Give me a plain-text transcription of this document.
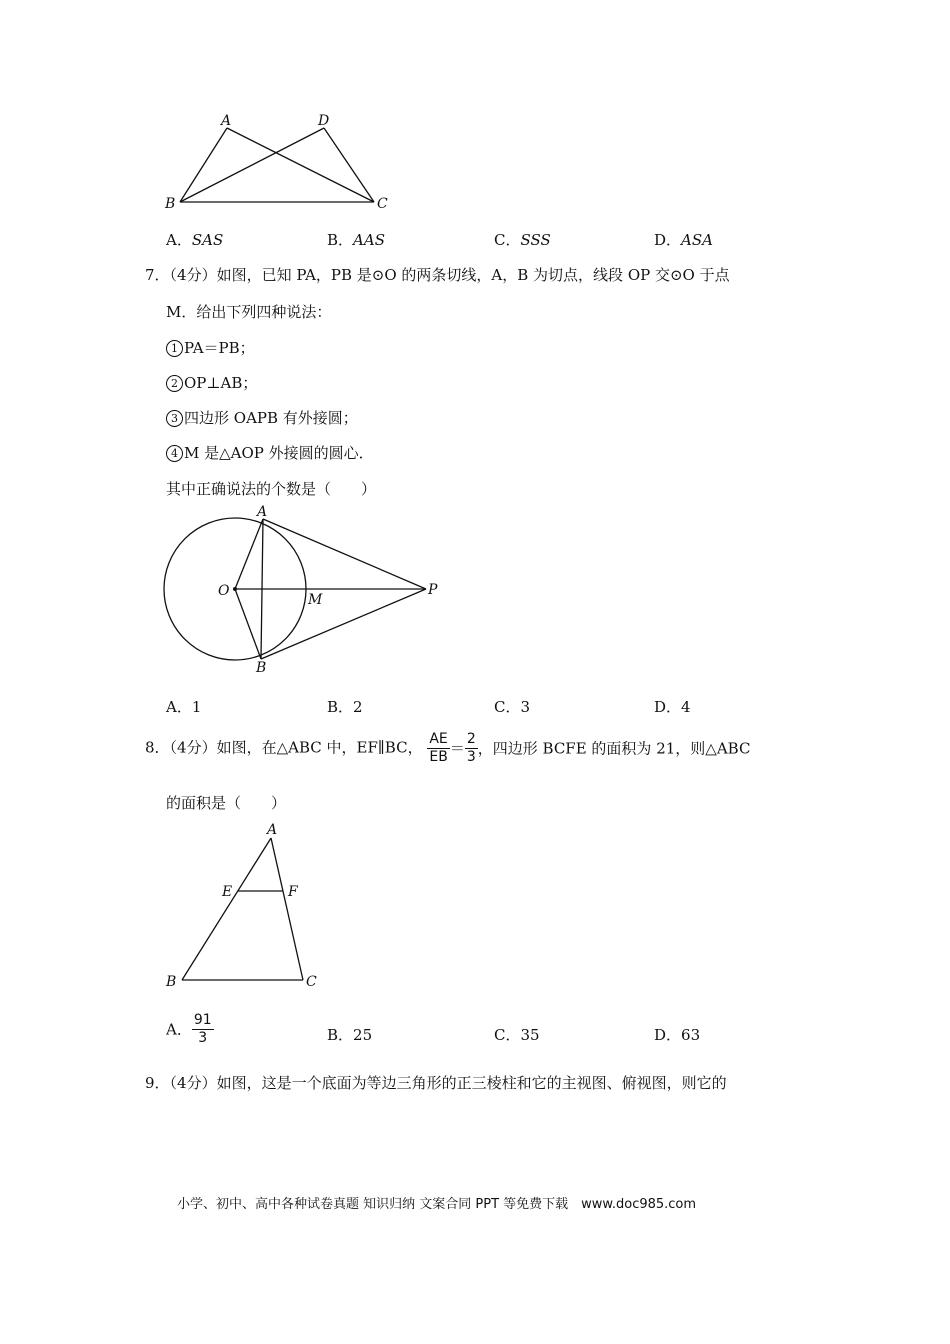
A	D
B	C
A．SAS	B．AAS	C．SSS	D．ASA
7．（4分）如图，已知 PA，PB 是⊙O 的两条切线，A，B 为切点，线段 OP 交⊙O 于点
M．给出下列四种说法：
1 PA＝PB；
2 OP⊥AB；
3 四边形 OAPB 有外接圆；
4 M 是△AOP 外接圆的圆心．
其中正确说法的个数是（　　）
A
O
M
P
B
A．1	B．2	C．3	D．4
8．（4分）如图，在△ABC 中，EF∥BC， $\frac{AE}{EB} = \frac{2}{3}$ ，四边形 BCFE 的面积为 21，则△ABC
的面积是（　　）
A
E	F
B	C
A． $\frac{91}{3}$	B．25	C．35	D．63
9．（4分）如图，这是一个底面为等边三角形的正三棱柱和它的主视图、俯视图，则它的
小学、初中、高中各种试卷真题 知识归纳 文案合同 PPT 等免费下载　www.doc985.com
